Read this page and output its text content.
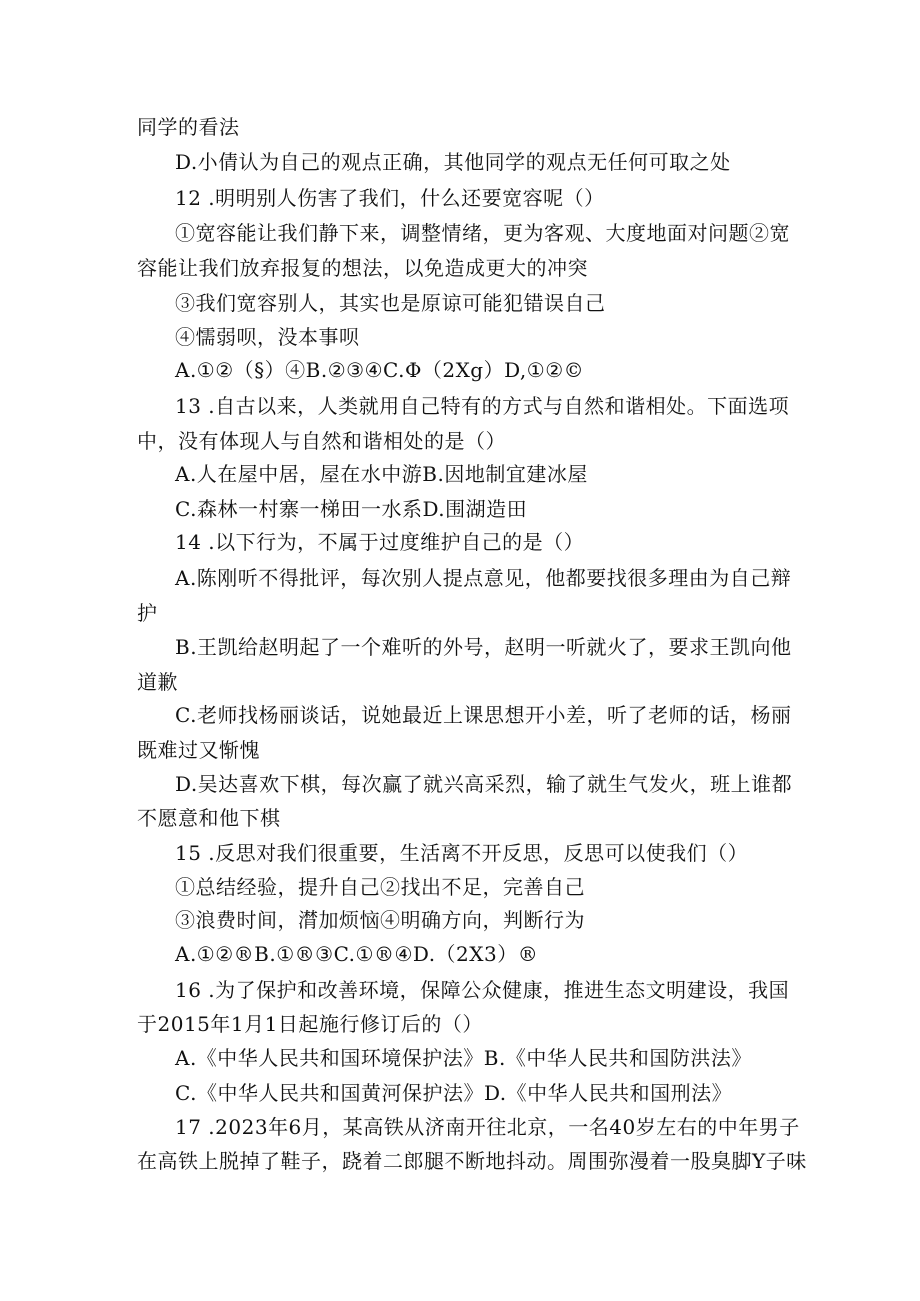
同学的看法
D.小倩认为自己的观点正确，其他同学的观点无任何可取之处
12 .明明别人伤害了我们，什么还要宽容呢（）
①宽容能让我们静下来，调整情绪，更为客观、大度地面对问题②宽
容能让我们放弃报复的想法，以免造成更大的冲突
③我们宽容别人，其实也是原谅可能犯错误自己
④懦弱呗，没本事呗
A.①②（§）④B.②③④C.Φ（2Xg）D,①②©
13 .自古以来，人类就用自己特有的方式与自然和谐相处。下面选项
中，没有体现人与自然和谐相处的是（）
A.人在屋中居，屋在水中游B.因地制宜建冰屋
C.森林一村寨一梯田一水系D.围湖造田
14 .以下行为，不属于过度维护自己的是（）
A.陈刚听不得批评，每次别人提点意见，他都要找很多理由为自己辩
护
B.王凯给赵明起了一个难听的外号，赵明一听就火了，要求王凯向他
道歉
C.老师找杨丽谈话，说她最近上课思想开小差，听了老师的话，杨丽
既难过又惭愧
D.吴达喜欢下棋，每次赢了就兴高采烈，输了就生气发火，班上谁都
不愿意和他下棋
15 .反思对我们很重要，生活离不开反思，反思可以使我们（）
①总结经验，提升自己②找出不足，完善自己
③浪费时间，潸加烦恼④明确方向，判断行为
A.①②®B.①®③C.①®④D.（2X3）®
16 .为了保护和改善环境，保障公众健康，推进生态文明建设，我国
于2015年1月1日起施行修订后的（）
A.《中华人民共和国环境保护法》B.《中华人民共和国防洪法》
C.《中华人民共和国黄河保护法》D.《中华人民共和国刑法》
17 .2023年6月，某高铁从济南开往北京，一名40岁左右的中年男子
在高铁上脱掉了鞋子，跷着二郎腿不断地抖动。周围弥漫着一股臭脚Y子味
